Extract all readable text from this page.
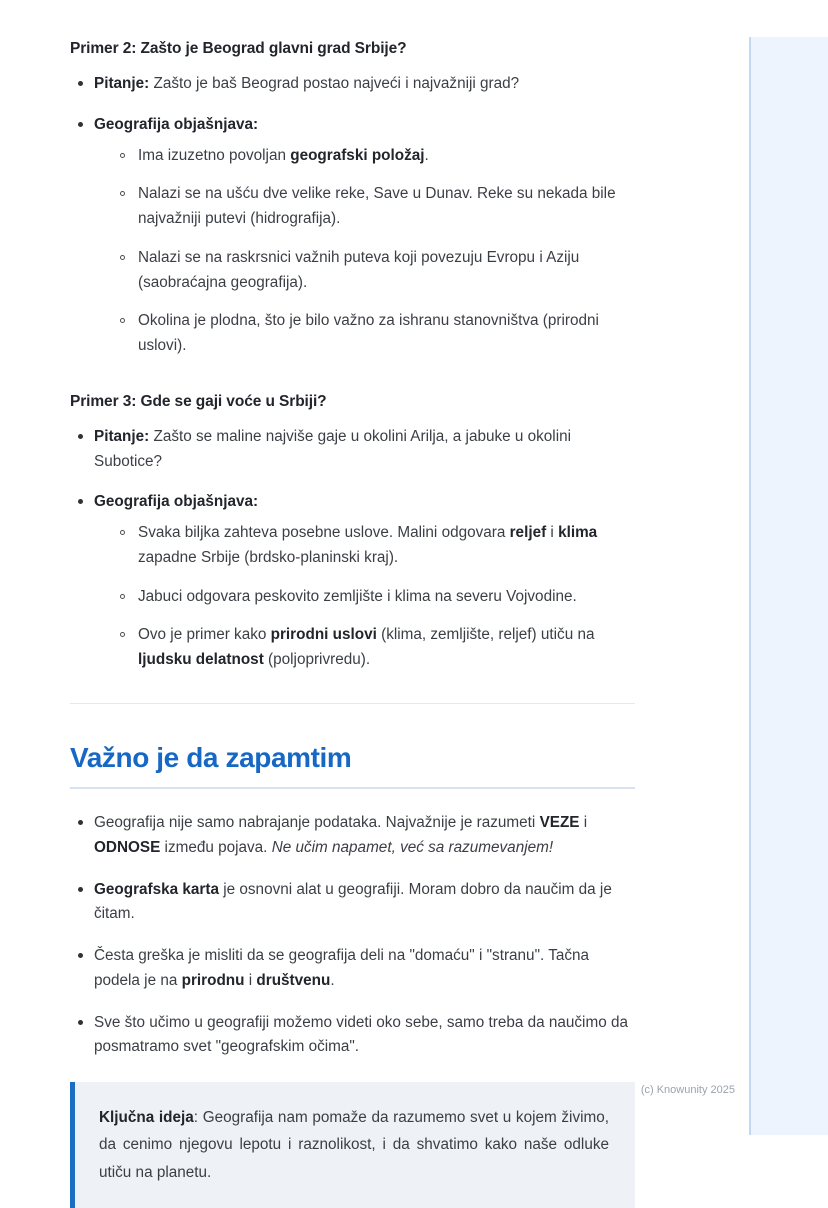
Primer 2: Zašto je Beograd glavni grad Srbije?
Pitanje: Zašto je baš Beograd postao najveći i najvažniji grad?
Geografija objašnjava:
Ima izuzetno povoljan geografski položaj.
Nalazi se na ušću dve velike reke, Save u Dunav. Reke su nekada bile najvažniji putevi (hidrografija).
Nalazi se na raskrsnici važnih puteva koji povezuju Evropu i Aziju (saobraćajna geografija).
Okolina je plodna, što je bilo važno za ishranu stanovništva (prirodni uslovi).
Primer 3: Gde se gaji voće u Srbiji?
Pitanje: Zašto se maline najviše gaje u okolini Arilja, a jabuke u okolini Subotice?
Geografija objašnjava:
Svaka biljka zahteva posebne uslove. Malini odgovara reljef i klima zapadne Srbije (brdsko-planinski kraj).
Jabuci odgovara peskovito zemljište i klima na severu Vojvodine.
Ovo je primer kako prirodni uslovi (klima, zemljište, reljef) utiču na ljudsku delatnost (poljoprivredu).
Važno je da zapamtim
Geografija nije samo nabrajanje podataka. Najvažnije je razumeti VEZE i ODNOSE između pojava. Ne učim napamet, već sa razumevanjem!
Geografska karta je osnovni alat u geografiji. Moram dobro da naučim da je čitam.
Česta greška je misliti da se geografija deli na "domaću" i "stranu". Tačna podela je na prirodnu i društvenu.
Sve što učimo u geografiji možemo videti oko sebe, samo treba da naučimo da posmatramo svet "geografskim očima".
Ključna ideja: Geografija nam pomaže da razumemo svet u kojem živimo, da cenimo njegovu lepotu i raznolikost, i da shvatimo kako naše odluke utiču na planetu.
(c) Knowunity 2025
